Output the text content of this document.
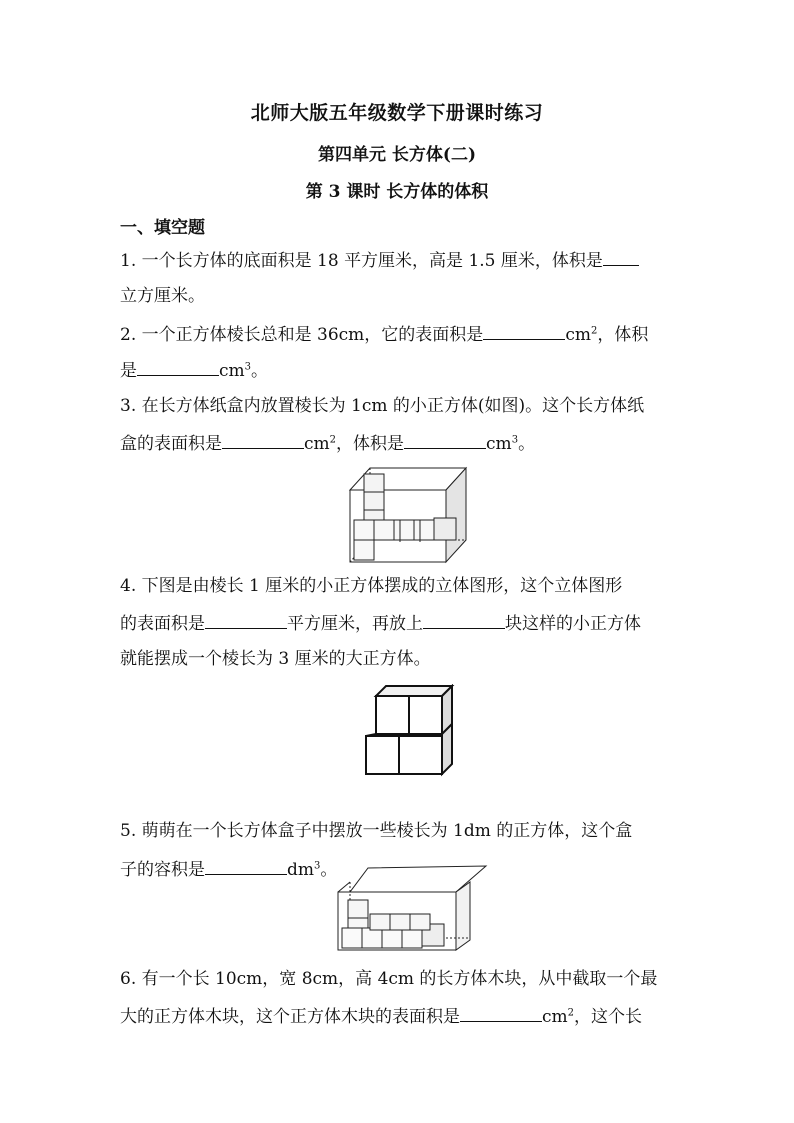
北师大版五年级数学下册课时练习
第四单元 长方体(二)
第 3 课时 长方体的体积
一、填空题
1. 一个长方体的底面积是 18 平方厘米，高是 1.5 厘米，体积是
立方厘米。
2. 一个正方体棱长总和是 36cm，它的表面积是	$cm^2$，体积
是	$cm^3$。
3. 在长方体纸盒内放置棱长为 1cm 的小正方体(如图)。这个长方体纸
盒的表面积是	$cm^2$，体积是	$cm^3$。
4. 下图是由棱长 1 厘米的小正方体摆成的立体图形，这个立体图形
的表面积是	平方厘米，再放上	块这样的小正方体
就能摆成一个棱长为 3 厘米的大正方体。
5. 萌萌在一个长方体盒子中摆放一些棱长为 1dm 的正方体，这个盒
子的容积是	$dm^3$。
6. 有一个长 10cm，宽 8cm，高 4cm 的长方体木块，从中截取一个最
大的正方体木块，这个正方体木块的表面积是	$cm^2$，这个长
